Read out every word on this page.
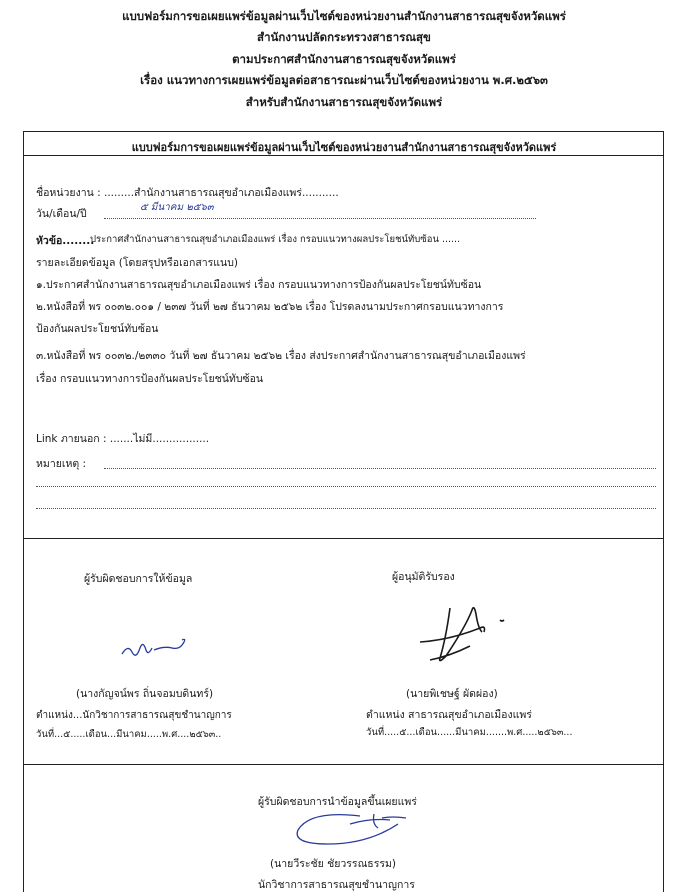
แบบฟอร์มการขอเผยแพร่ข้อมูลผ่านเว็บไซต์ของหน่วยงานสำนักงานสาธารณสุขจังหวัดแพร่
สำนักงานปลัดกระทรวงสาธารณสุข
ตามประกาศสำนักงานสาธารณสุขจังหวัดแพร่
เรื่อง แนวทางการเผยแพร่ข้อมูลต่อสาธารณะผ่านเว็บไซต์ของหน่วยงาน พ.ศ.๒๕๖๓
สำหรับสำนักงานสาธารณสุขจังหวัดแพร่
แบบฟอร์มการขอเผยแพร่ข้อมูลผ่านเว็บไซต์ของหน่วยงานสำนักงานสาธารณสุขจังหวัดแพร่
ชื่อหน่วยงาน : .........สำนักงานสาธารณสุขอำเภอเมืองแพร่...........
วัน/เดือน/ปี
๕ มีนาคม ๒๕๖๓
หัวข้อ........
ประกาศสำนักงานสาธารณสุขอำเภอเมืองแพร่ เรื่อง กรอบแนวทางผลประโยชน์ทับซ้อน ......
รายละเอียดข้อมูล (โดยสรุปหรือเอกสารแนบ)
๑.ประกาศสำนักงานสาธารณสุขอำเภอเมืองแพร่ เรื่อง กรอบแนวทางการป้องกันผลประโยชน์ทับซ้อน
๒.หนังสือที่ พร ๐๐๓๒.๐๐๑ / ๒๓๗ วันที่ ๒๗ ธันวาคม ๒๕๖๒ เรื่อง โปรดลงนามประกาศกรอบแนวทางการ
ป้องกันผลประโยชน์ทับซ้อน
๓.หนังสือที่ พร ๐๐๓๒./๒๓๓๐ วันที่ ๒๗ ธันวาคม ๒๕๖๒ เรื่อง ส่งประกาศสำนักงานสาธารณสุขอำเภอเมืองแพร่
เรื่อง กรอบแนวทางการป้องกันผลประโยชน์ทับซ้อน
Link ภายนอก : .......ไม่มี.................
หมายเหตุ :
ผู้รับผิดชอบการให้ข้อมูล
(นางกัญจน์พร ถิ่นจอมบดินทร์)
ตำแหน่ง...นักวิชาการสาธารณสุขชำนาญการ
วันที่...๕.....เดือน...มีนาคม.....พ.ศ....๒๕๖๓..
ผู้อนุมัติรับรอง
(นายพิเชษฐ์ ผัดผ่อง)
ตำแหน่ง สาธารณสุขอำเภอเมืองแพร่
วันที่.....๕...เดือน......มีนาคม.......พ.ศ.....๒๕๖๓...
ผู้รับผิดชอบการนำข้อมูลขึ้นเผยแพร่
(นายวีระชัย ชัยวรรณธรรม)
นักวิชาการสาธารณสุขชำนาญการ
